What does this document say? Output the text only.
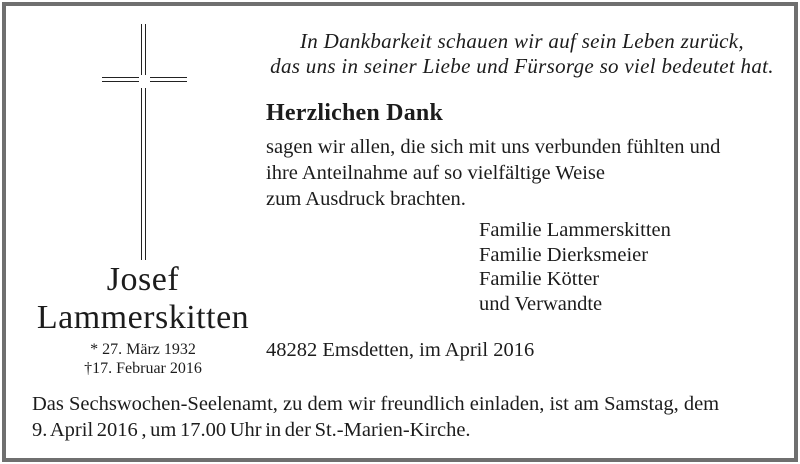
In Dankbarkeit schauen wir auf sein Leben zurück,
das uns in seiner Liebe und Fürsorge so viel bedeutet hat.
Herzlichen Dank
sagen wir allen, die sich mit uns verbunden fühlten und
ihre Anteilnahme auf so vielfältige Weise
zum Ausdruck brachten.
Familie Lammerskitten
Familie Dierksmeier
Familie Kötter
und Verwandte
Josef
Lammerskitten
* 27. März 1932
†17. Februar 2016
48282 Emsdetten, im April 2016
Das Sechswochen-Seelenamt, zu dem wir freundlich einladen, ist am Samstag, dem
9. April 2016 , um 17.00 Uhr in der St.-Marien-Kirche.
